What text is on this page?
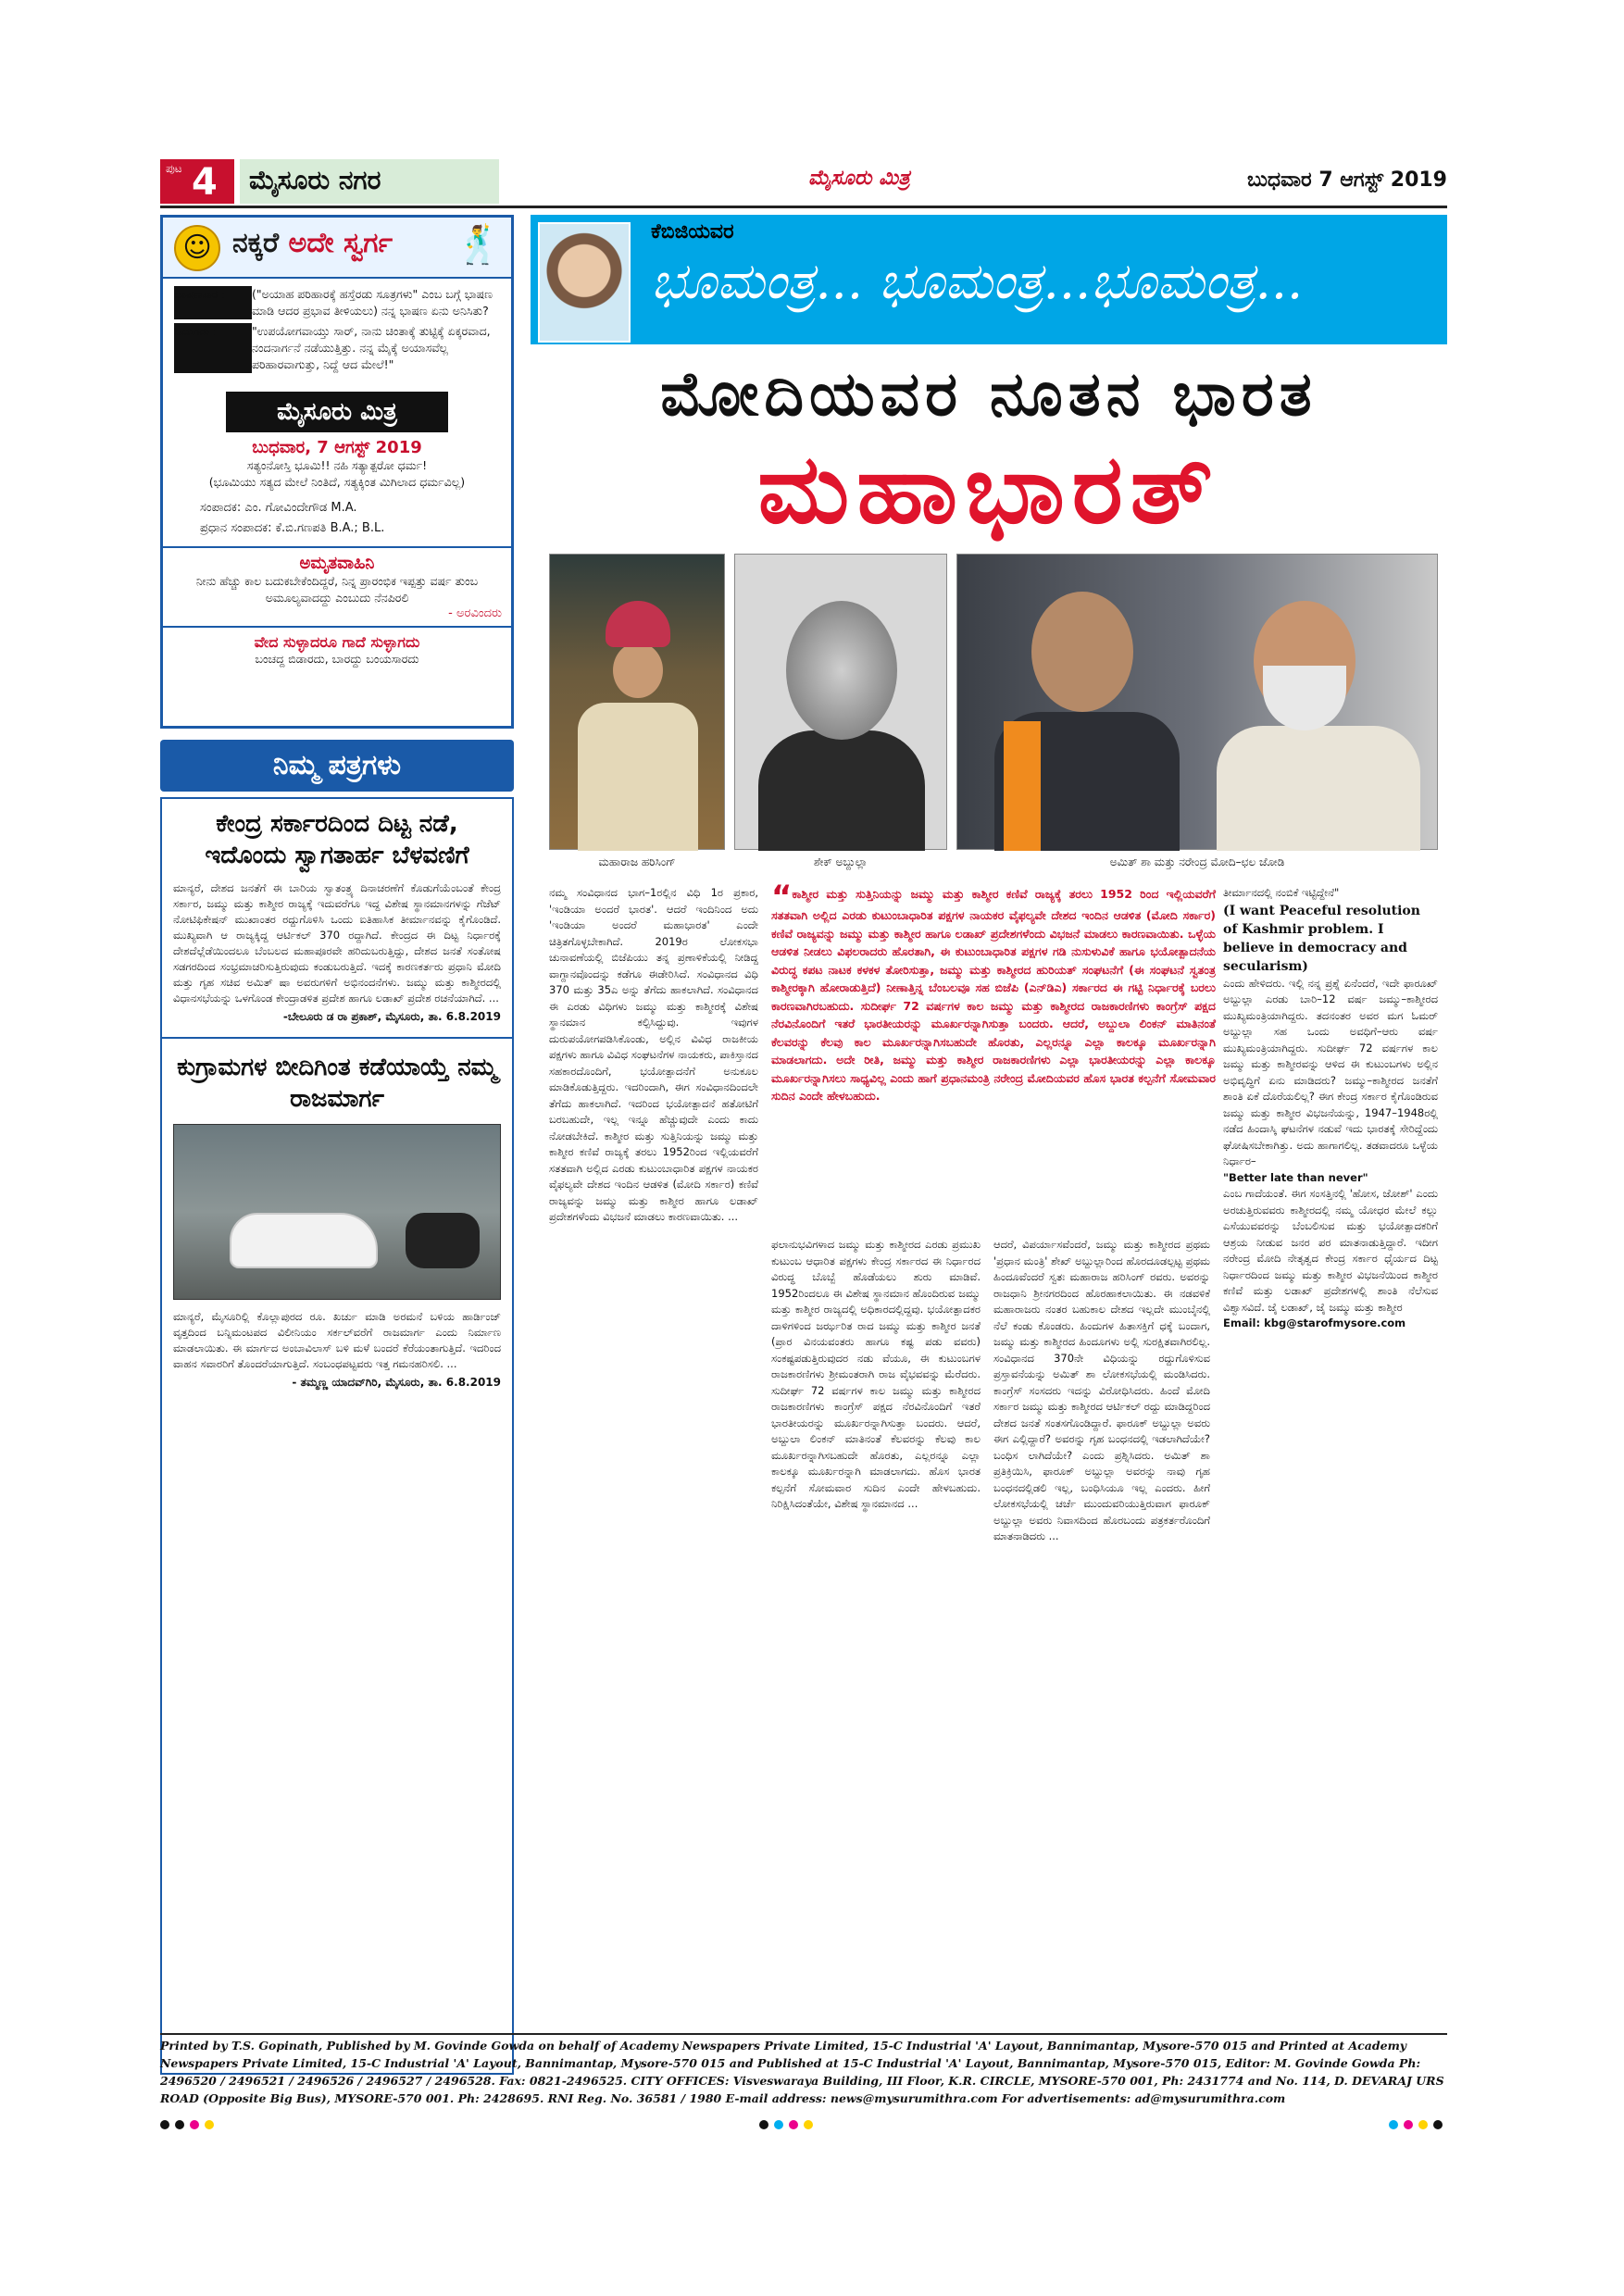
ಪುಟ 4	ಮೈಸೂರು ನಗರ	ಮೈಸೂರು ಮಿತ್ರ	ಬುಧವಾರ 7 ಆಗಸ್ಟ್ 2019
☺ ನಕ್ಕರೆ ಅದೇ ಸ್ವರ್ಗ 🕺
ಭಾಷಣಕಾರ :	("ಅಯಾಹ ಪರಿಹಾರಕ್ಕೆ ಹಸ್ತೆರಡು ಸೂತ್ರಗಳು" ಎಂಬ ಬಗ್ಗೆ ಭಾಷಣ ಮಾಡಿ ಆದರ ಪ್ರಭಾವ ತೀಳಿಯಲು) ನನ್ನ ಭಾಷಣ ಏನು ಅನಿಸಿತು?
ಓದುಗರು :	"ಉಪಯೋಗವಾಯ್ತು ಸಾರ್, ನಾನು ಚಿಂತಾಕ್ಕೆ ತುಟ್ಟಿಕ್ಕೆ ಏಕ್ಕರವಾದ, ನಂದನಾರ್ಗನೆ ನಡೆಯುತ್ತಿತ್ತು. ನನ್ನ ಮೈಕ್ಕೆ ಅಯಾಸವೆಲ್ಲ ಪರಿಹಾರವಾಗುತ್ತು, ನಿದ್ದೆ ಆದ ಮೇಲೆ!"
ಮೈಸೂರು ಮಿತ್ರ
ಬುಧವಾರ, 7 ಆಗಸ್ಟ್ 2019
ಸತ್ಯಂನೋಸ್ತಿ ಭೂಮಿ!! ನಹಿ ಸತ್ಯಾತ್ಪರೋ ಧರ್ಮ!
(ಭೂಮಿಯು ಸತ್ಯದ ಮೇಲೆ ನಿಂತಿದೆ, ಸತ್ಯಕ್ಕಿಂತ ಮಿಗಿಲಾದ ಧರ್ಮವಿಲ್ಲ)
ಸಂಪಾದಕ: ಎಂ. ಗೋವಿಂದೇಗೌಡ M.A.
ಪ್ರಧಾನ ಸಂಪಾದಕ: ಕೆ.ಬಿ.ಗಣಪತಿ B.A.; B.L.
ಅಮೃತವಾಹಿನಿ
ನೀನು ಹೆಚ್ಚು ಕಾಲ ಬದುಕಬೇಕೆಂದಿದ್ದರೆ, ನಿನ್ನ ಪ್ರಾರಂಭಿಕ ಇಪ್ಪತ್ತು ವರ್ಷ ತುಂಬ ಅಮೂಲ್ಯವಾದದ್ದು ಎಂಬುದು ನೆನಪಿರಲಿ
- ಅರವಿಂದರು
ವೇದ ಸುಳ್ಳಾದರೂ ಗಾದೆ ಸುಳ್ಳಾಗದು
ಬಂಚದ್ದ ಬಿಡಾರದು, ಬಾರದ್ದು ಬಂಯಸಾರದು
ನಿಮ್ಮ ಪತ್ರಗಳು
ಕೇಂದ್ರ ಸರ್ಕಾರದಿಂದ ದಿಟ್ಟ ನಡೆ, ಇದೊಂದು ಸ್ವಾಗತಾರ್ಹ ಬೆಳವಣಿಗೆ
ಮಾನ್ಯರೆ, ದೇಶದ ಜನತೆಗೆ ಈ ಬಾರಿಯ ಸ್ವಾತಂತ್ರ್ಯ ದಿನಾಚರಣೆಗೆ ಕೊಡುಗೆಯೆಂಬಂತೆ ಕೇಂದ್ರ ಸರ್ಕಾರ, ಜಮ್ಮು ಮತ್ತು ಕಾಶ್ಮೀರ ರಾಜ್ಯಕ್ಕೆ ಇದುವರೆಗೂ ಇದ್ದ ವಿಶೇಷ ಸ್ಥಾನಮಾನಗಳನ್ನು ಗೆಜೆಟ್ ನೋಟಿಫಿಕೇಷನ್ ಮುಖಾಂತರ ರದ್ದುಗೊಳಿಸಿ ಒಂದು ಐತಿಹಾಸಿಕ ತೀರ್ಮಾನವನ್ನು ಕೈಗೊಂಡಿದೆ. ಮುಖ್ಯವಾಗಿ ಆ ರಾಜ್ಯಕ್ಕಿದ್ದ ಆರ್ಟಿಕಲ್ 370 ರದ್ದಾಗಿದೆ. ಕೇಂದ್ರದ ಈ ದಿಟ್ಟ ನಿರ್ಧಾರಕ್ಕೆ ದೇಶದೆಲ್ಲೆಡೆಯಿಂದಲೂ ಬೆಂಬಲದ ಮಹಾಪೂರವೇ ಹರಿದುಬರುತ್ತಿದ್ದು, ದೇಶದ ಜನತೆ ಸಂತೋಷ ಸಡಗರದಿಂದ ಸಂಭ್ರಮಾಚರಿಸುತ್ತಿರುವುದು ಕಂಡುಬರುತ್ತಿದೆ. ಇದಕ್ಕೆ ಕಾರಣಕರ್ತರು ಪ್ರಧಾನಿ ಮೋದಿ ಮತ್ತು ಗೃಹ ಸಚಿವ ಅಮಿತ್ ಷಾ ಅವರುಗಳಿಗೆ ಅಭಿನಂದನೆಗಳು. ಜಮ್ಮು ಮತ್ತು ಕಾಶ್ಮೀರದಲ್ಲಿ ವಿಧಾನಸಭೆಯನ್ನು ಒಳಗೊಂಡ ಕೇಂದ್ರಾಡಳಿತ ಪ್ರದೇಶ ಹಾಗೂ ಲಡಾಖ್ ಪ್ರದೇಶ ರಚನೆಯಾಗಿದೆ. ...
-ಬೇಲೂರು ಡ ರಾ ಪ್ರಕಾಶ್, ಮೈಸೂರು, ತಾ. 6.8.2019
ಕುಗ್ರಾಮಗಳ ಬೀದಿಗಿಂತ ಕಡೆಯಾಯ್ತೆ ನಮ್ಮ ರಾಜಮಾರ್ಗ
ಮಾನ್ಯರೆ, ಮೈಸೂರಿಲ್ಲಿ ಕೊಲ್ಲಾಪುರದ ರೂ. ಖರ್ಚು ಮಾಡಿ ಅರಮನೆ ಬಳಿಯ ಹಾರ್ಡಿಂಜ್ ವೃತ್ತದಿಂದ ಬನ್ನಿಮಂಟಪದ ವಿಲೀನಿಯಂ ಸರ್ಕಲ್‌ವರೆಗೆ ರಾಜಮಾರ್ಗ ಎಂದು ನಿರ್ಮಾಣ ಮಾಡಲಾಯಿತು. ಈ ಮಾರ್ಗದ ಅಂಬಾವಿಲಾಸ್ ಬಳಿ ಮಳೆ ಬಂದರೆ ಕೆರೆಯಂತಾಗುತ್ತಿದೆ. ಇದರಿಂದ ವಾಹನ ಸವಾರರಿಗೆ ತೊಂದರೆಯಾಗುತ್ತಿದೆ. ಸಂಬಂಧಪಟ್ಟವರು ಇತ್ತ ಗಮನಹರಿಸಲಿ. ...
- ತಮ್ಮಣ್ಣ ಯಾದವ್‌ಗಿರಿ, ಮೈಸೂರು, ತಾ. 6.8.2019
ಕೆಬಿಜಿಯವರ
ಭೂಮಂತ್ರ... ಭೂಮಂತ್ರ...ಭೂಮಂತ್ರ...
ಮೋದಿಯವರ ನೂತನ ಭಾರತ
ಮಹಾಭಾರತ್
ಮಹಾರಾಜ ಹರಿಸಿಂಗ್	ಶೇಕ್ ಅಬ್ದುಲ್ಲಾ	ಅಮಿತ್ ಶಾ ಮತ್ತು ನರೇಂದ್ರ ಮೋದಿ–ಛಲ ಜೋಡಿ
ನಮ್ಮ ಸಂವಿಧಾನದ ಭಾಗ–1ರಲ್ಲಿನ ವಿಧಿ 1ರ ಪ್ರಕಾರ, 'ಇಂಡಿಯಾ ಅಂದರೆ ಭಾರತ'. ಆದರೆ ಇಂದಿನಿಂದ ಅದು 'ಇಂಡಿಯಾ ಅಂದರೆ ಮಹಾಭಾರತ' ಎಂದೇ ಚಿತ್ರಿತಗೊಳ್ಳಬೇಕಾಗಿದೆ. 2019ರ ಲೋಕಸಭಾ ಚುನಾವಣೆಯಲ್ಲಿ ಬಿಜೆಪಿಯು ತನ್ನ ಪ್ರಣಾಳಿಕೆಯಲ್ಲಿ ನೀಡಿದ್ದ ವಾಗ್ದಾನವೊಂದನ್ನು ಕಡೆಗೂ ಈಡೇರಿಸಿದೆ. ಸಂವಿಧಾನದ ವಿಧಿ 370 ಮತ್ತು 35ಎ ಅನ್ನು ತೆಗೆದು ಹಾಕಲಾಗಿದೆ. ಸಂವಿಧಾನದ ಈ ಎರಡು ವಿಧಿಗಳು ಜಮ್ಮು ಮತ್ತು ಕಾಶ್ಮೀರಕ್ಕೆ ವಿಶೇಷ ಸ್ಥಾನಮಾನ ಕಲ್ಪಿಸಿದ್ದುವು. ಇವುಗಳ ದುರುಪಯೋಗಪಡಿಸಿಕೊಂಡು, ಅಲ್ಲಿನ ವಿವಿಧ ರಾಜಕೀಯ ಪಕ್ಷಗಳು ಹಾಗೂ ವಿವಿಧ ಸಂಘಟನೆಗಳ ನಾಯಕರು, ಪಾಕಿಸ್ತಾನದ ಸಹಕಾರದೊಂದಿಗೆ, ಭಯೋತ್ಪಾದನೆಗೆ ಅನುಕೂಲ ಮಾಡಿಕೊಡುತ್ತಿದ್ದರು. ಇದರಿಂದಾಗಿ, ಈಗ ಸಂವಿಧಾನದಿಂದಲೇ ತೆಗೆದು ಹಾಕಲಾಗಿದೆ. ಇದರಿಂದ ಭಯೋತ್ಪಾದನೆ ಹತೋಟಿಗೆ ಬರಬಹುದೇ, ಇಲ್ಲ ಇನ್ನೂ ಹೆಚ್ಚುವುದೇ ಎಂದು ಕಾದು ನೋಡಬೇಕಿದೆ. ಕಾಶ್ಮೀರ ಮತ್ತು ಸುತ್ತಿನಿಯನ್ನು ಜಮ್ಮು ಮತ್ತು ಕಾಶ್ಮೀರ ಕಣಿವೆ ರಾಜ್ಯಕ್ಕೆ ತರಲು 1952ರಿಂದ ಇಲ್ಲಿಯವರೆಗೆ ಸತತವಾಗಿ ಅಲ್ಲಿದ ಎರಡು ಕುಟುಂಬಾಧಾರಿತ ಪಕ್ಷಗಳ ನಾಯಕರ ವೈಫಲ್ಯವೇ ದೇಶದ ಇಂದಿನ ಆಡಳಿತ (ಮೋದಿ ಸರ್ಕಾರ) ಕಣಿವೆ ರಾಜ್ಯವನ್ನು ಜಮ್ಮು ಮತ್ತು ಕಾಶ್ಮೀರ ಹಾಗೂ ಲಡಾಖ್ ಪ್ರದೇಶಗಳೆಂದು ವಿಭಜನೆ ಮಾಡಲು ಕಾರಣವಾಯಿತು. ...
“ಕಾಶ್ಮೀರ ಮತ್ತು ಸುತ್ತಿನಿಯನ್ನು ಜಮ್ಮು ಮತ್ತು ಕಾಶ್ಮೀರ ಕಣಿವೆ ರಾಜ್ಯಕ್ಕೆ ತರಲು 1952 ರಿಂದ ಇಲ್ಲಿಯವರೆಗೆ ಸತತವಾಗಿ ಅಲ್ಲಿದ ಎರಡು ಕುಟುಂಬಾಧಾರಿತ ಪಕ್ಷಗಳ ನಾಯಕರ ವೈಫಲ್ಯವೇ ದೇಶದ ಇಂದಿನ ಆಡಳಿತ (ಮೋದಿ ಸರ್ಕಾರ) ಕಣಿವೆ ರಾಜ್ಯವನ್ನು ಜಮ್ಮು ಮತ್ತು ಕಾಶ್ಮೀರ ಹಾಗೂ ಲಡಾಖ್ ಪ್ರದೇಶಗಳೆಂದು ವಿಭಜನೆ ಮಾಡಲು ಕಾರಣವಾಯಿತು. ಒಳ್ಳೆಯ ಆಡಳಿತ ನೀಡಲು ವಿಫಲರಾದರು ಹೊರತಾಗಿ, ಈ ಕುಟುಂಬಾಧಾರಿತ ಪಕ್ಷಗಳ ಗಡಿ ನುಸುಳುವಿಕೆ ಹಾಗೂ ಭಯೋತ್ಪಾದನೆಯ ವಿರುದ್ಧ ಕಪಟ ನಾಟಕ ಕಳಕಳ ತೋರಿಸುತ್ತಾ, ಜಮ್ಮು ಮತ್ತು ಕಾಶ್ಮೀರದ ಹುರಿಯತ್ ಸಂಘಟನೆಗೆ (ಈ ಸಂಘಟನೆ ಸ್ವತಂತ್ರ ಕಾಶ್ಮೀರಕ್ಕಾಗಿ ಹೋರಾಡುತ್ತಿದೆ) ನೀಣಾತ್ತಿನ್ನ ಬೆಂಬಲವೂ ಸಹ ಬಿಜೆಪಿ (ಎನ್‌ಡಿಎ) ಸರ್ಕಾರದ ಈ ಗಟ್ಟಿ ನಿರ್ಧಾರಕ್ಕೆ ಬರಲು ಕಾರಣವಾಗಿರಬಹುದು. ಸುದೀರ್ಘ 72 ವರ್ಷಗಳ ಕಾಲ ಜಮ್ಮು ಮತ್ತು ಕಾಶ್ಮೀರದ ರಾಜಕಾರಣಿಗಳು ಕಾಂಗ್ರೆಸ್ ಪಕ್ಷದ ನೆರವಿನೊಂದಿಗೆ ಇತರೆ ಭಾರತೀಯರನ್ನು ಮೂರ್ಖರನ್ನಾಗಿಸುತ್ತಾ ಬಂದರು. ಆದರೆ, ಅಬ್ದುಲಾ ಲಿಂಕನ್ ಮಾತಿನಂತೆ ಕೆಲವರನ್ನು ಕೆಲವು ಕಾಲ ಮೂರ್ಖರನ್ನಾಗಿಸಬಹುದೇ ಹೊರತು, ಎಲ್ಲರನ್ನೂ ಎಲ್ಲಾ ಕಾಲಕ್ಕೂ ಮೂರ್ಖರನ್ನಾಗಿ ಮಾಡಲಾಗದು. ಅದೇ ರೀತಿ, ಜಮ್ಮು ಮತ್ತು ಕಾಶ್ಮೀರ ರಾಜಕಾರಣಿಗಳು ಎಲ್ಲಾ ಭಾರತೀಯರನ್ನು ಎಲ್ಲಾ ಕಾಲಕ್ಕೂ ಮೂರ್ಖರನ್ನಾಗಿಸಲು ಸಾಧ್ಯವಿಲ್ಲ ಎಂದು ಹಾಗೆ ಪ್ರಧಾನಮಂತ್ರಿ ನರೇಂದ್ರ ಮೋದಿಯವರ ಹೊಸ ಭಾರತ ಕಲ್ಪನೆಗೆ ಸೋಮವಾರ ಸುದಿನ ಎಂದೇ ಹೇಳಬಹುದು.
ಫಲಾನುಭವಿಗಳಾದ ಜಮ್ಮು ಮತ್ತು ಕಾಶ್ಮೀರದ ಎರಡು ಪ್ರಮುಖ ಕುಟುಂಬ ಆಧಾರಿತ ಪಕ್ಷಗಳು ಕೇಂದ್ರ ಸರ್ಕಾರದ ಈ ನಿರ್ಧಾರದ ವಿರುದ್ಧ ಬೊಬ್ಬೆ ಹೊಡೆಯಲು ಶುರು ಮಾಡಿವೆ. 1952ರಿಂದಲೂ ಈ ವಿಶೇಷ ಸ್ಥಾನಮಾನ ಹೊಂದಿರುವ ಜಮ್ಮು ಮತ್ತು ಕಾಶ್ಮೀರ ರಾಜ್ಯದಲ್ಲಿ ಅಧಿಕಾರದಲ್ಲಿದ್ದವು. ಭಯೋತ್ಪಾದಕರ ದಾಳಿಗಳಿಂದ ಜರ್ಝರಿತ ರಾದ ಜಮ್ಮು ಮತ್ತು ಕಾಶ್ಮೀರ ಜನತೆ (ಪ್ರಾರ ವಿನಯವಂತರು ಹಾಗೂ ಕಷ್ಟ ಪಡು ವವರು) ಸಂಕಷ್ಟಪಡುತ್ತಿರುವುದರ ನಡು ವೆಯೂ, ಈ ಕುಟುಂಬಗಳ ರಾಜಕಾರಣಿಗಳು ಶ್ರೀಮಂತರಾಗಿ ರಾಜ ವೈಭವವನ್ನು ಮೆರೆದರು. ಸುದೀರ್ಘ 72 ವರ್ಷಗಳ ಕಾಲ ಜಮ್ಮು ಮತ್ತು ಕಾಶ್ಮೀರದ ರಾಜಕಾರಣಿಗಳು ಕಾಂಗ್ರೆಸ್ ಪಕ್ಷದ ನೆರವಿನೊಂದಿಗೆ ಇತರೆ ಭಾರತೀಯರನ್ನು ಮೂರ್ಖರನ್ನಾಗಿಸುತ್ತಾ ಬಂದರು. ಆದರೆ, ಅಬ್ದುಲಾ ಲಿಂಕನ್ ಮಾತಿನಂತೆ ಕೆಲವರನ್ನು ಕೆಲವು ಕಾಲ ಮೂರ್ಖರನ್ನಾಗಿಸಬಹುದೇ ಹೊರತು, ಎಲ್ಲರನ್ನೂ ಎಲ್ಲಾ ಕಾಲಕ್ಕೂ ಮೂರ್ಖರನ್ನಾಗಿ ಮಾಡಲಾಗದು. ಹೊಸ ಭಾರತ ಕಲ್ಪನೆಗೆ ಸೋಮವಾರ ಸುದಿನ ಎಂದೇ ಹೇಳಬಹುದು. ನಿರಿಕ್ಷಿಸಿದಂತೆಯೇ, ವಿಶೇಷ ಸ್ಥಾನಮಾನದ ...
ಆದರೆ, ವಿಪರ್ಯಾಸವೆಂದರೆ, ಜಮ್ಮು ಮತ್ತು ಕಾಶ್ಮೀರದ ಪ್ರಥಮ 'ಪ್ರಧಾನ ಮಂತ್ರಿ' ಶೇಖ್ ಅಬ್ದುಲ್ಲಾರಿಂದ ಹೊರದೂಡಲ್ಪಟ್ಟ ಪ್ರಥಮ ಹಿಂದೂವೆಂದರೆ ಸ್ವತಃ ಮಹಾರಾಜ ಹರಿಸಿಂಗ್ ರವರು. ಅವರನ್ನು ರಾಜಧಾನಿ ಶ್ರೀನಗರದಿಂದ ಹೊರಹಾಕಲಾಯಿತು. ಈ ನಡವಳಿಕೆ ಮಹಾರಾಜರು ನಂತರ ಬಹುಕಾಲ ದೇಶದ ಇಲ್ಲದೇ ಮುಂಬೈನಲ್ಲಿ ನೆಲೆ ಕಂಡು ಕೊಂಡರು. ಹಿಂದುಗಳ ಹಿತಾಸಕ್ತಿಗೆ ಧಕ್ಕೆ ಬಂದಾಗ, ಜಮ್ಮು ಮತ್ತು ಕಾಶ್ಮೀರದ ಹಿಂದೂಗಳು ಅಲ್ಲಿ ಸುರಕ್ಷಿತವಾಗಿರಲಿಲ್ಲ. ಸಂವಿಧಾನದ 370ನೇ ವಿಧಿಯನ್ನು ರದ್ದುಗೊಳಿಸುವ ಪ್ರಸ್ತಾವನೆಯನ್ನು ಅಮಿತ್ ಶಾ ಲೋಕಸಭೆಯಲ್ಲಿ ಮಂಡಿಸಿದರು. ಕಾಂಗ್ರೆಸ್ ಸಂಸದರು ಇದನ್ನು ವಿರೋಧಿಸಿದರು. ಹಿಂದೆ ಮೋದಿ ಸರ್ಕಾರ ಜಮ್ಮು ಮತ್ತು ಕಾಶ್ಮೀರದ ಆರ್ಟಿಕಲ್ ರದ್ದು ಮಾಡಿದ್ದರಿಂದ ದೇಶದ ಜನತೆ ಸಂತಸಗೊಂಡಿದ್ದಾರೆ. ಫಾರೂಕ್ ಅಬ್ದುಲ್ಲಾ ಅವರು ಈಗ ಎಲ್ಲಿದ್ದಾರೆ? ಅವರನ್ನು ಗೃಹ ಬಂಧನದಲ್ಲಿ ಇಡಲಾಗಿದೆಯೇ? ಬಂಧಿಸ ಲಾಗಿದೆಯೇ? ಎಂದು ಪ್ರಶ್ನಿಸಿದರು. ಅಮಿತ್ ಶಾ ಪ್ರತಿಕ್ರಿಯಿಸಿ, ಫಾರೂಕ್ ಅಬ್ದುಲ್ಲಾ ಅವರನ್ನು ನಾವು ಗೃಹ ಬಂಧನದಲ್ಲಿಡಲಿ ಇಲ್ಲ, ಬಂಧಿಸಿಯೂ ಇಲ್ಲ ಎಂದರು. ಹೀಗೆ ಲೋಕಸಭೆಯಲ್ಲಿ ಚರ್ಚೆ ಮುಂದುವರಿಯುತ್ತಿರುವಾಗ ಫಾರೂಕ್ ಅಬ್ದುಲ್ಲಾ ಅವರು ನಿವಾಸದಿಂದ ಹೊರಬಂದು ಪತ್ರಕರ್ತರೊಂದಿಗೆ ಮಾತನಾಡಿದರು ...
ತೀರ್ಮಾನದಲ್ಲಿ ನಂಬಿಕೆ ಇಟ್ಟಿದ್ದೇನೆ"
(I want Peaceful resolution of Kashmir problem. I believe in democracy and secularism)
ಎಂದು ಹೇಳಿದರು. ಇಲ್ಲಿ ನನ್ನ ಪ್ರಶ್ನೆ ಏನೆಂದರೆ, ಇದೇ ಫಾರೂಖ್ ಅಬ್ದುಲ್ಲಾ ಎರಡು ಬಾರಿ–12 ವರ್ಷ ಜಮ್ಮು–ಕಾಶ್ಮೀರದ ಮುಖ್ಯಮಂತ್ರಿಯಾಗಿದ್ದರು. ತದನಂತರ ಅವರ ಮಗ ಓಮರ್ ಅಬ್ದುಲ್ಲಾ ಸಹ ಒಂದು ಅವಧಿಗೆ–ಆರು ವರ್ಷ ಮುಖ್ಯಮಂತ್ರಿಯಾಗಿದ್ದರು. ಸುದೀರ್ಘ 72 ವರ್ಷಗಳ ಕಾಲ ಜಮ್ಮು ಮತ್ತು ಕಾಶ್ಮೀರವನ್ನು ಆಳಿದ ಈ ಕುಟುಂಬಗಳು ಅಲ್ಲಿನ ಅಭಿವೃದ್ಧಿಗೆ ಏನು ಮಾಡಿದರು? ಜಮ್ಮು–ಕಾಶ್ಮೀರದ ಜನತೆಗೆ ಶಾಂತಿ ಏಕೆ ದೊರೆಯಲಿಲ್ಲ? ಈಗ ಕೇಂದ್ರ ಸರ್ಕಾರ ಕೈಗೊಂಡಿರುವ ಜಮ್ಮು ಮತ್ತು ಕಾಶ್ಮೀರ ವಿಭಜನೆಯನ್ನು, 1947–1948ರಲ್ಲಿ ನಡೆದ ಹಿಂದಾಸ್ಕಿ ಘಟನೆಗಳ ನಡುವೆ ಇದು ಭಾರತಕ್ಕೆ ಸೇರಿದ್ದೆಂದು ಘೋಷಿಸಬೇಕಾಗಿತ್ತು. ಅದು ಹಾಗಾಗಲಿಲ್ಲ. ತಡವಾದರೂ ಒಳ್ಳೆಯ ನಿರ್ಧಾರ–
"Better late than never"
ಎಂಬ ಗಾದೆಯಂತೆ. ಈಗ ಸಂಸತ್ತಿನಲ್ಲಿ 'ಹೋಸ, ಜೋಶ್' ಎಂದು ಅರಚುತ್ತಿರುವವರು ಕಾಶ್ಮೀರದಲ್ಲಿ ನಮ್ಮ ಯೋಧರ ಮೇಲೆ ಕಲ್ಲು ಎಸೆಯುವವರನ್ನು ಬೆಂಬಲಿಸುವ ಮತ್ತು ಭಯೋತ್ಪಾದಕರಿಗೆ ಆಶ್ರಯ ನೀಡುವ ಜನರ ಪರ ಮಾತನಾಡುತ್ತಿದ್ದಾರೆ. ಇದೀಗ ನರೇಂದ್ರ ಮೋದಿ ನೇತೃತ್ವದ ಕೇಂದ್ರ ಸರ್ಕಾರ ಧೈರ್ಯದ ದಿಟ್ಟ ನಿರ್ಧಾರದಿಂದ ಜಮ್ಮು ಮತ್ತು ಕಾಶ್ಮೀರ ವಿಭಜನೆಯಿಂದ ಕಾಶ್ಮೀರ ಕಣಿವೆ ಮತ್ತು ಲಡಾಖ್ ಪ್ರದೇಶಗಳಲ್ಲಿ ಶಾಂತಿ ನೆಲೆಸುವ ವಿಶ್ವಾಸವಿದೆ. ಜೈ ಲಡಾಖ್, ಜೈ ಜಮ್ಮು ಮತ್ತು ಕಾಶ್ಮೀರ
Email: kbg@starofmysore.com
Printed by T.S. Gopinath, Published by M. Govinde Gowda on behalf of Academy Newspapers Private Limited, 15-C Industrial 'A' Layout, Bannimantap, Mysore-570 015 and Printed at Academy Newspapers Private Limited, 15-C Industrial 'A' Layout, Bannimantap, Mysore-570 015 and Published at 15-C Industrial 'A' Layout, Bannimantap, Mysore-570 015, Editor: M. Govinde Gowda Ph: 2496520 / 2496521 / 2496526 / 2496527 / 2496528. Fax: 0821-2496525. CITY OFFICES: Visveswaraya Building, III Floor, K.R. CIRCLE, MYSORE-570 001, Ph: 2431774 and No. 114, D. DEVARAJ URS ROAD (Opposite Big Bus), MYSORE-570 001. Ph: 2428695. RNI Reg. No. 36581 / 1980 E-mail address: news@mysurumithra.com For advertisements: ad@mysurumithra.com
